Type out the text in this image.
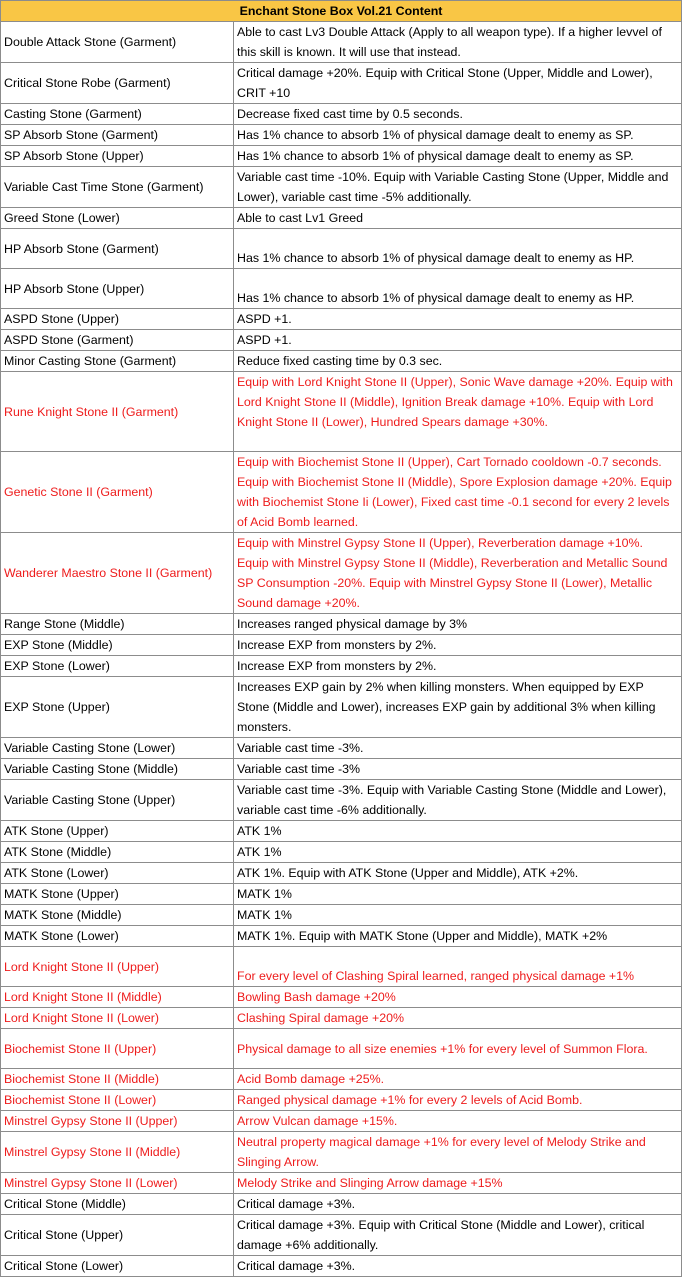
Enchant Stone Box Vol.21 Content	
Double Attack Stone (Garment)	Able to cast Lv3 Double Attack (Apply to all weapon type). If a higher levvel of this skill is known. It will use that instead.
Critical Stone Robe (Garment)	Critical damage +20%. Equip with Critical Stone (Upper, Middle and Lower), CRIT +10
Casting Stone (Garment)	Decrease fixed cast time by 0.5 seconds.
SP Absorb Stone (Garment)	Has 1% chance to absorb 1% of physical damage dealt to enemy as SP.
SP Absorb Stone (Upper)	Has 1% chance to absorb 1% of physical damage dealt to enemy as SP.
Variable Cast Time Stone (Garment)	Variable cast time -10%. Equip with Variable Casting Stone (Upper, Middle and Lower), variable cast time -5% additionally.
Greed Stone (Lower)	Able to cast Lv1 Greed
HP Absorb Stone (Garment)	Has 1% chance to absorb 1% of physical damage dealt to enemy as HP.
HP Absorb Stone (Upper)	Has 1% chance to absorb 1% of physical damage dealt to enemy as HP.
ASPD Stone (Upper)	ASPD +1.
ASPD Stone (Garment)	ASPD +1.
Minor Casting Stone (Garment)	Reduce fixed casting time by 0.3 sec.
Rune Knight Stone II (Garment)	Equip with Lord Knight Stone II (Upper), Sonic Wave damage +20%. Equip with Lord Knight Stone II (Middle), Ignition Break damage +10%. Equip with Lord Knight Stone II (Lower), Hundred Spears damage +30%.
Genetic Stone II (Garment)	Equip with Biochemist Stone II (Upper), Cart Tornado cooldown -0.7 seconds. Equip with Biochemist Stone II (Middle), Spore Explosion damage +20%. Equip with Biochemist Stone Ii (Lower), Fixed cast time -0.1 second for every 2 levels of Acid Bomb learned.
Wanderer Maestro Stone II (Garment)	Equip with Minstrel Gypsy Stone II (Upper), Reverberation damage +10%. Equip with Minstrel Gypsy Stone II (Middle), Reverberation and Metallic Sound SP Consumption -20%. Equip with Minstrel Gypsy Stone II (Lower), Metallic Sound damage +20%.
Range Stone (Middle)	Increases ranged physical damage by 3%
EXP Stone (Middle)	Increase EXP from monsters by 2%.
EXP Stone (Lower)	Increase EXP from monsters by 2%.
EXP Stone (Upper)	Increases EXP gain by 2% when killing monsters. When equipped by EXP Stone (Middle and Lower), increases EXP gain by additional 3% when killing monsters.
Variable Casting Stone (Lower)	Variable cast time -3%.
Variable Casting Stone (Middle)	Variable cast time -3%
Variable Casting Stone (Upper)	Variable cast time -3%. Equip with Variable Casting Stone (Middle and Lower), variable cast time -6% additionally.
ATK Stone (Upper)	ATK 1%
ATK Stone (Middle)	ATK 1%
ATK Stone (Lower)	ATK 1%. Equip with ATK Stone (Upper and Middle), ATK +2%.
MATK Stone (Upper)	MATK 1%
MATK Stone (Middle)	MATK 1%
MATK Stone (Lower)	MATK 1%. Equip with MATK Stone (Upper and Middle), MATK +2%
Lord Knight Stone II (Upper)	For every level of Clashing Spiral learned, ranged physical damage +1%
Lord Knight Stone II (Middle)	Bowling Bash damage +20%
Lord Knight Stone II (Lower)	Clashing Spiral damage +20%
Biochemist Stone II (Upper)	Physical damage to all size enemies +1% for every level of Summon Flora.
Biochemist Stone II (Middle)	Acid Bomb damage +25%.
Biochemist Stone II (Lower)	Ranged physical damage +1% for every 2 levels of Acid Bomb.
Minstrel Gypsy Stone II (Upper)	Arrow Vulcan damage +15%.
Minstrel Gypsy Stone II (Middle)	Neutral property magical damage +1% for every level of Melody Strike and Slinging Arrow.
Minstrel Gypsy Stone II (Lower)	Melody Strike and Slinging Arrow damage +15%
Critical Stone (Middle)	Critical damage +3%.
Critical Stone (Upper)	Critical damage +3%. Equip with Critical Stone (Middle and Lower), critical damage +6% additionally.
Critical Stone (Lower)	Critical damage +3%.
